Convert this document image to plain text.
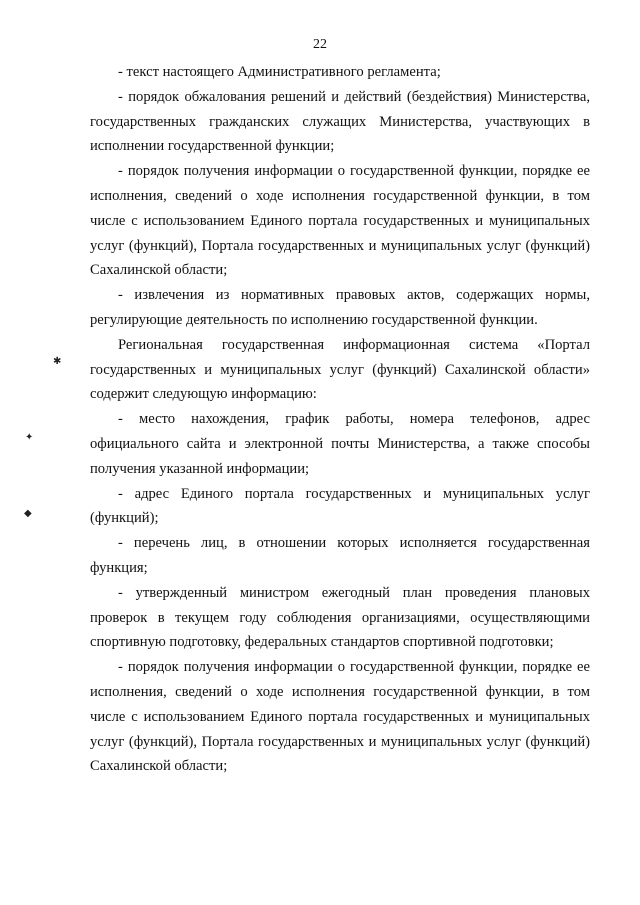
22
✱
✦
◆

- текст настоящего Административного регламента;

- порядок обжалования решений и действий (бездействия) Министерства, государственных гражданских служащих Министерства, участвующих в исполнении государственной функции;

- порядок получения информации о государственной функции, порядке ее исполнения, сведений о ходе исполнения государственной функции, в том числе с использованием Единого портала государственных и муниципальных услуг (функций), Портала государственных и муниципальных услуг (функций) Сахалинской области;

- извлечения из нормативных правовых актов, содержащих нормы, регулирующие деятельность по исполнению государственной функции.

Региональная государственная информационная система «Портал государственных и муниципальных услуг (функций) Сахалинской области» содержит следующую информацию:

- место нахождения, график работы, номера телефонов, адрес официального сайта и электронной почты Министерства, а также способы получения указанной информации;

- адрес Единого портала государственных и муниципальных услуг (функций);

- перечень лиц, в отношении которых исполняется государственная функция;

- утвержденный министром ежегодный план проведения плановых проверок в текущем году соблюдения организациями, осуществляющими спортивную подготовку, федеральных стандартов спортивной подготовки;

- порядок получения информации о государственной функции, порядке ее исполнения, сведений о ходе исполнения государственной функции, в том числе с использованием Единого портала государственных и муниципальных услуг (функций), Портала государственных и муниципальных услуг (функций) Сахалинской области;
